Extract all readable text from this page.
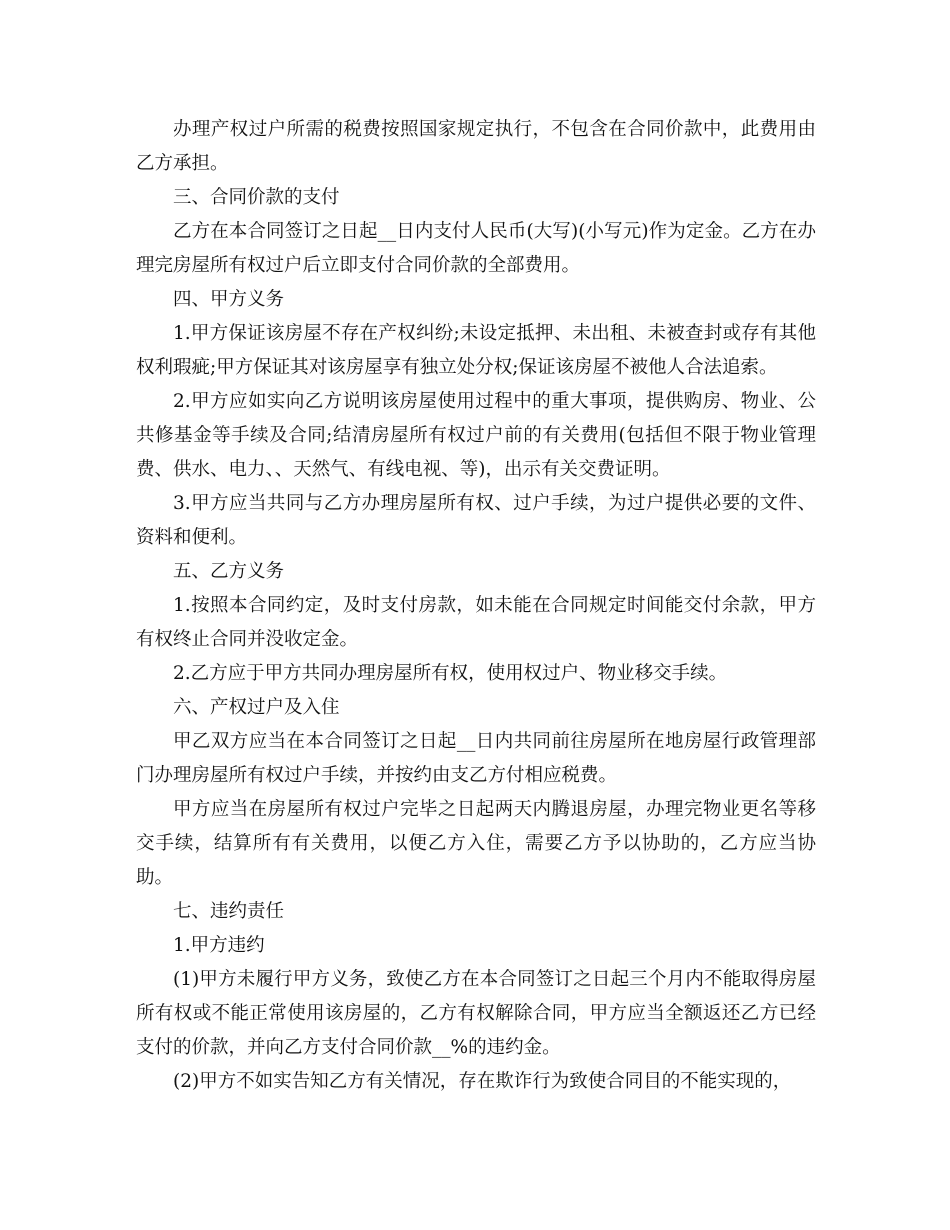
办理产权过户所需的税费按照国家规定执行，不包含在合同价款中，此费用由乙方承担。

三、合同价款的支付

乙方在本合同签订之日起__日内支付人民币(大写)(小写元)作为定金。乙方在办理完房屋所有权过户后立即支付合同价款的全部费用。

四、甲方义务

1.甲方保证该房屋不存在产权纠纷;未设定抵押、未出租、未被查封或存有其他权利瑕疵;甲方保证其对该房屋享有独立处分权;保证该房屋不被他人合法追索。

2.甲方应如实向乙方说明该房屋使用过程中的重大事项，提供购房、物业、公共修基金等手续及合同;结清房屋所有权过户前的有关费用(包括但不限于物业管理费、供水、电力、、天然气、有线电视、等)，出示有关交费证明。

3.甲方应当共同与乙方办理房屋所有权、过户手续，为过户提供必要的文件、资料和便利。

五、乙方义务

1.按照本合同约定，及时支付房款，如未能在合同规定时间能交付余款，甲方有权终止合同并没收定金。

2.乙方应于甲方共同办理房屋所有权，使用权过户、物业移交手续。

六、产权过户及入住

甲乙双方应当在本合同签订之日起__日内共同前往房屋所在地房屋行政管理部门办理房屋所有权过户手续，并按约由支乙方付相应税费。

甲方应当在房屋所有权过户完毕之日起两天内腾退房屋，办理完物业更名等移交手续，结算所有有关费用，以便乙方入住，需要乙方予以协助的，乙方应当协助。

七、违约责任

1.甲方违约

(1)甲方未履行甲方义务，致使乙方在本合同签订之日起三个月内不能取得房屋所有权或不能正常使用该房屋的，乙方有权解除合同，甲方应当全额返还乙方已经支付的价款，并向乙方支付合同价款__%的违约金。

(2)甲方不如实告知乙方有关情况，存在欺诈行为致使合同目的不能实现的，
